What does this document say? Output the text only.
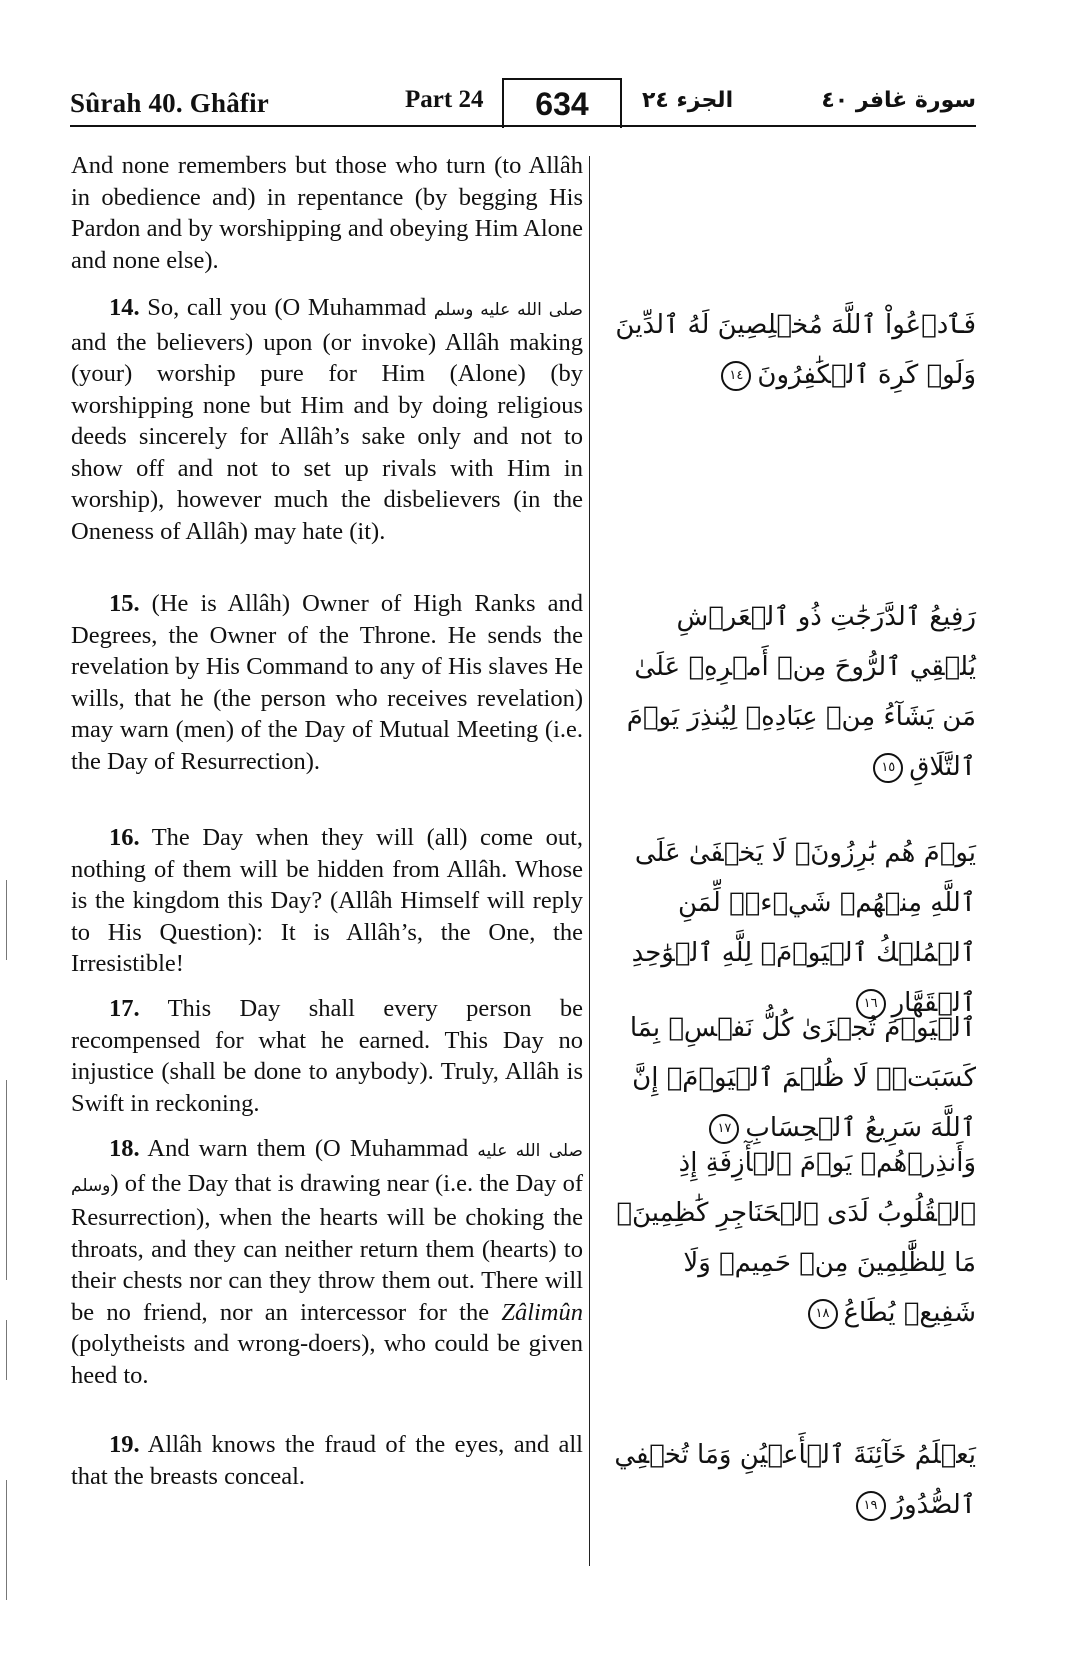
Sûrah 40. Ghâfir	Part 24	634	الجزء ٢٤	سورة غافر ٤٠

And none remembers but those who turn (to Allâh in obedience and) in repentance (by begging His Pardon and by worshipping and obeying Him Alone and none else).

14. So, call you (O Muhammad صلى الله عليه وسلم and the believers) upon (or invoke) Allâh making (your) worship pure for Him (Alone) (by worshipping none but Him and by doing religious deeds sincerely for Allâh’s sake only and not to show off and not to set up rivals with Him in worship), however much the disbelievers (in the Oneness of Allâh) may hate (it).

15. (He is Allâh) Owner of High Ranks and Degrees, the Owner of the Throne. He sends the revelation by His Command to any of His slaves He wills, that he (the person who receives revelation) may warn (men) of the Day of Mutual Meeting (i.e. the Day of Resurrection).

16. The Day when they will (all) come out, nothing of them will be hidden from Allâh. Whose is the kingdom this Day? (Allâh Himself will reply to His Question): It is Allâh’s, the One, the Irresistible!

17. This Day shall every person be recompensed for what he earned. This Day no injustice (shall be done to anybody). Truly, Allâh is Swift in reckoning.

18. And warn them (O Muhammad صلى الله عليه وسلم) of the Day that is drawing near (i.e. the Day of Resurrection), when the hearts will be choking the throats, and they can neither return them (hearts) to their chests nor can they throw them out. There will be no friend, nor an intercessor for the Zâlimûn (polytheists and wrong-doers), who could be given heed to.

19. Allâh knows the fraud of the eyes, and all that the breasts conceal.

فَٱدۡعُواْ ٱللَّهَ مُخۡلِصِينَ لَهُ ٱلدِّينَ وَلَوۡ كَرِهَ ٱلۡكَٰفِرُونَ١٤
رَفِيعُ ٱلدَّرَجَٰتِ ذُو ٱلۡعَرۡشِ يُلۡقِي ٱلرُّوحَ مِنۡ أَمۡرِهِۦ عَلَىٰ مَن يَشَآءُ مِنۡ عِبَادِهِۦ لِيُنذِرَ يَوۡمَ ٱلتَّلَاقِ١٥
يَوۡمَ هُم بَٰرِزُونَۖ لَا يَخۡفَىٰ عَلَى ٱللَّهِ مِنۡهُمۡ شَيۡءٞۚ لِّمَنِ ٱلۡمُلۡكُ ٱلۡيَوۡمَۖ لِلَّهِ ٱلۡوَٰحِدِ ٱلۡقَهَّارِ١٦
ٱلۡيَوۡمَ تُجۡزَىٰ كُلُّ نَفۡسِۭ بِمَا كَسَبَتۡۚ لَا ظُلۡمَ ٱلۡيَوۡمَۚ إِنَّ ٱللَّهَ سَرِيعُ ٱلۡحِسَابِ١٧
وَأَنذِرۡهُمۡ يَوۡمَ ٱلۡأٓزِفَةِ إِذِ ٱلۡقُلُوبُ لَدَى ٱلۡحَنَاجِرِ كَٰظِمِينَۚ مَا لِلظَّٰلِمِينَ مِنۡ حَمِيمٖ وَلَا شَفِيعٖ يُطَاعُ١٨
يَعۡلَمُ خَآئِنَةَ ٱلۡأَعۡيُنِ وَمَا تُخۡفِي ٱلصُّدُورُ١٩
